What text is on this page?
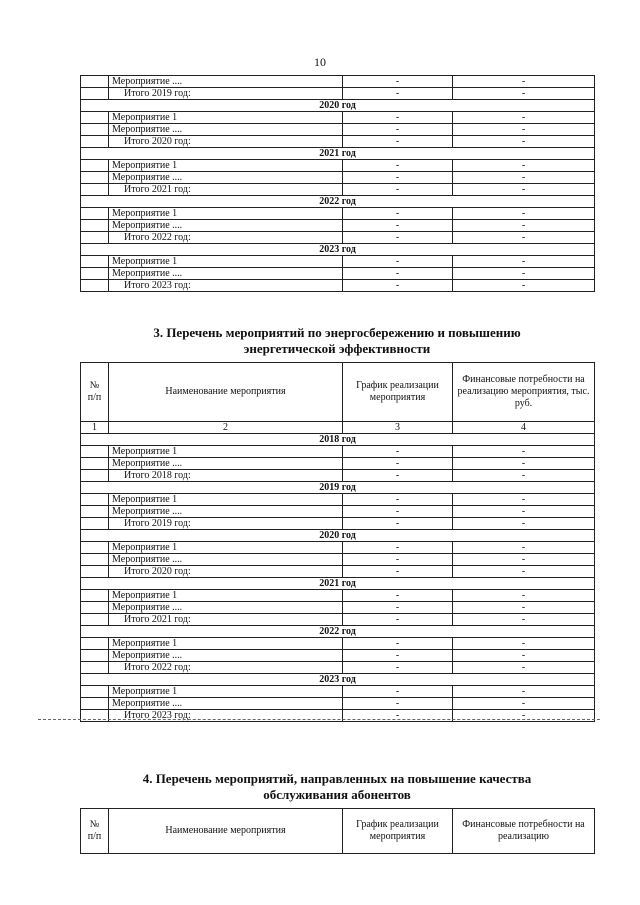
10
	Мероприятие ....	-	-
	Итого 2019 год:	-	-
2020 год			
	Мероприятие 1	-	-
	Мероприятие ....	-	-
	Итого 2020 год:	-	-
2021 год			
	Мероприятие 1	-	-
	Мероприятие ....	-	-
	Итого 2021 год:	-	-
2022 год			
	Мероприятие 1	-	-
	Мероприятие ....	-	-
	Итого 2022 год:	-	-
2023 год			
	Мероприятие 1	-	-
	Мероприятие ....	-	-
	Итого 2023 год:	-	-
3. Перечень мероприятий по энергосбережению и повышению
энергетической эффективности
№ п/п	Наименование мероприятия	График реализации мероприятия	Финансовые потребности на реализацию мероприятия, тыс. руб.
1	2	3	4
2018 год			
	Мероприятие 1	-	-
	Мероприятие ....	-	-
	Итого 2018 год:	-	-
2019 год			
	Мероприятие 1	-	-
	Мероприятие ....	-	-
	Итого 2019 год:	-	-
2020 год			
	Мероприятие 1	-	-
	Мероприятие ....	-	-
	Итого 2020 год:	-	-
2021 год			
	Мероприятие 1	-	-
	Мероприятие ....	-	-
	Итого 2021 год:	-	-
2022 год			
	Мероприятие 1	-	-
	Мероприятие ....	-	-
	Итого 2022 год:	-	-
2023 год			
	Мероприятие 1	-	-
	Мероприятие ....	-	-
	Итого 2023 год:	-	-
4. Перечень мероприятий, направленных на повышение качества
обслуживания абонентов
№ п/п	Наименование мероприятия	График реализации мероприятия	Финансовые потребности на реализацию
